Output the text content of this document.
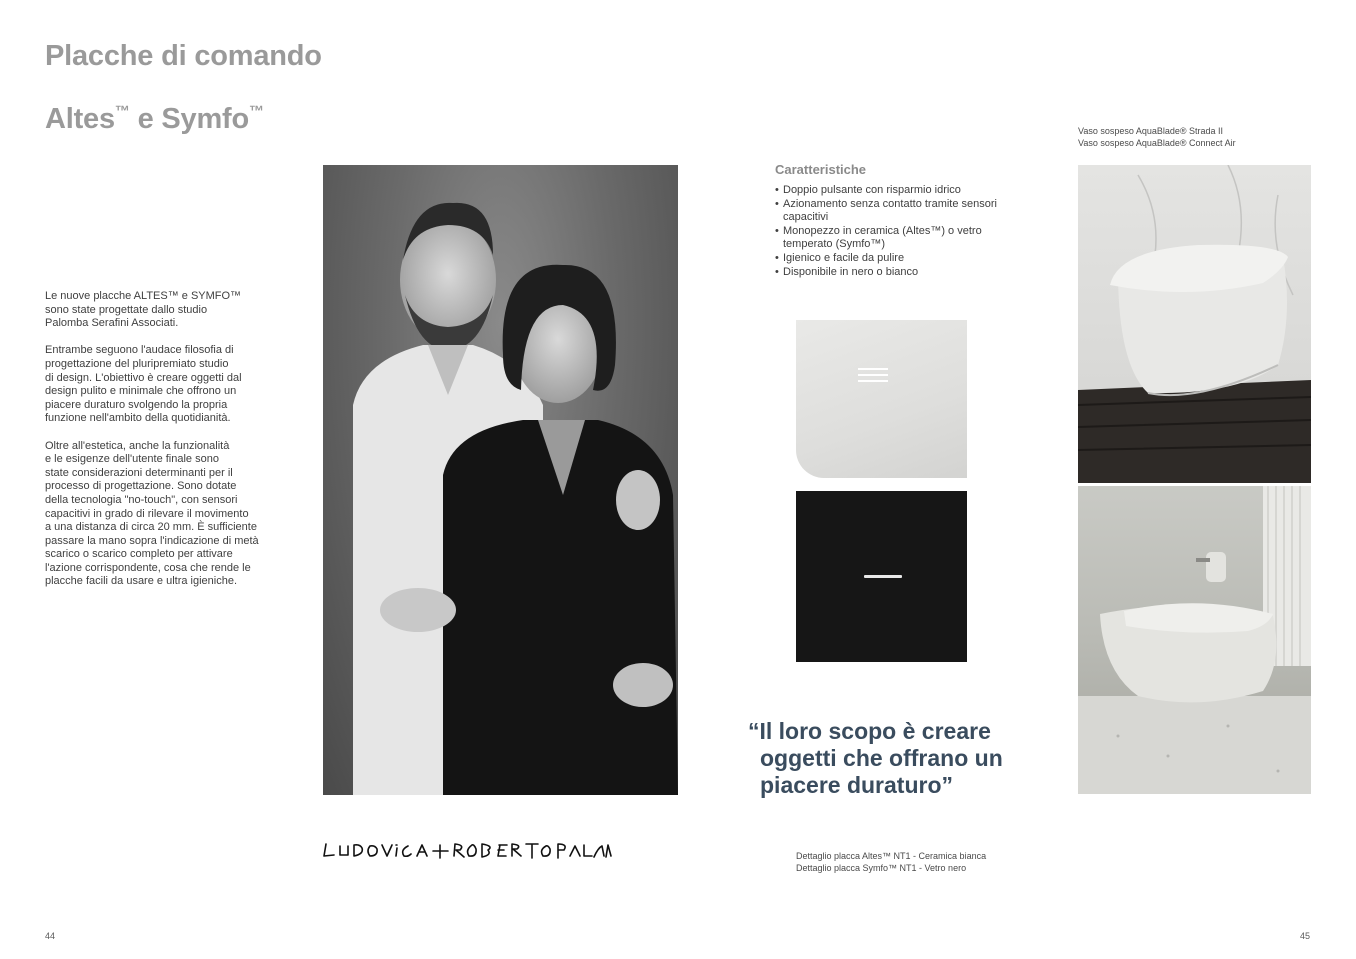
Placche di comando
Altes™ e Symfo™

Le nuove placche ALTES™ e SYMFO™
sono state progettate dallo studio
Palomba Serafini Associati.

Entrambe seguono l'audace filosofia di
progettazione del pluripremiato studio
di design. L'obiettivo è creare oggetti dal
design pulito e minimale che offrono un
piacere duraturo svolgendo la propria
funzione nell'ambito della quotidianità.

Oltre all'estetica, anche la funzionalità
e le esigenze dell'utente finale sono
state considerazioni determinanti per il
processo di progettazione. Sono dotate
della tecnologia "no-touch", con sensori
capacitivi in grado di rilevare il movimento
a una distanza di circa 20 mm. È sufficiente
passare la mano sopra l'indicazione di metà
scarico o scarico completo per attivare
l'azione corrispondente, cosa che rende le
placche facili da usare e ultra igieniche.

Caratteristiche
• Doppio pulsante con risparmio idrico
• Azionamento senza contatto tramite sensori capacitivi
• Monopezzo in ceramica (Altes™) o vetro temperato (Symfo™)
• Igienico e facile da pulire
• Disponibile in nero o bianco
“Il loro scopo è creare
oggetti che offrano un
piacere duraturo”
Dettaglio placca Altes™ NT1 - Ceramica bianca
Dettaglio placca Symfo™ NT1 - Vetro nero
Vaso sospeso AquaBlade® Strada II
Vaso sospeso AquaBlade® Connect Air
44	45
